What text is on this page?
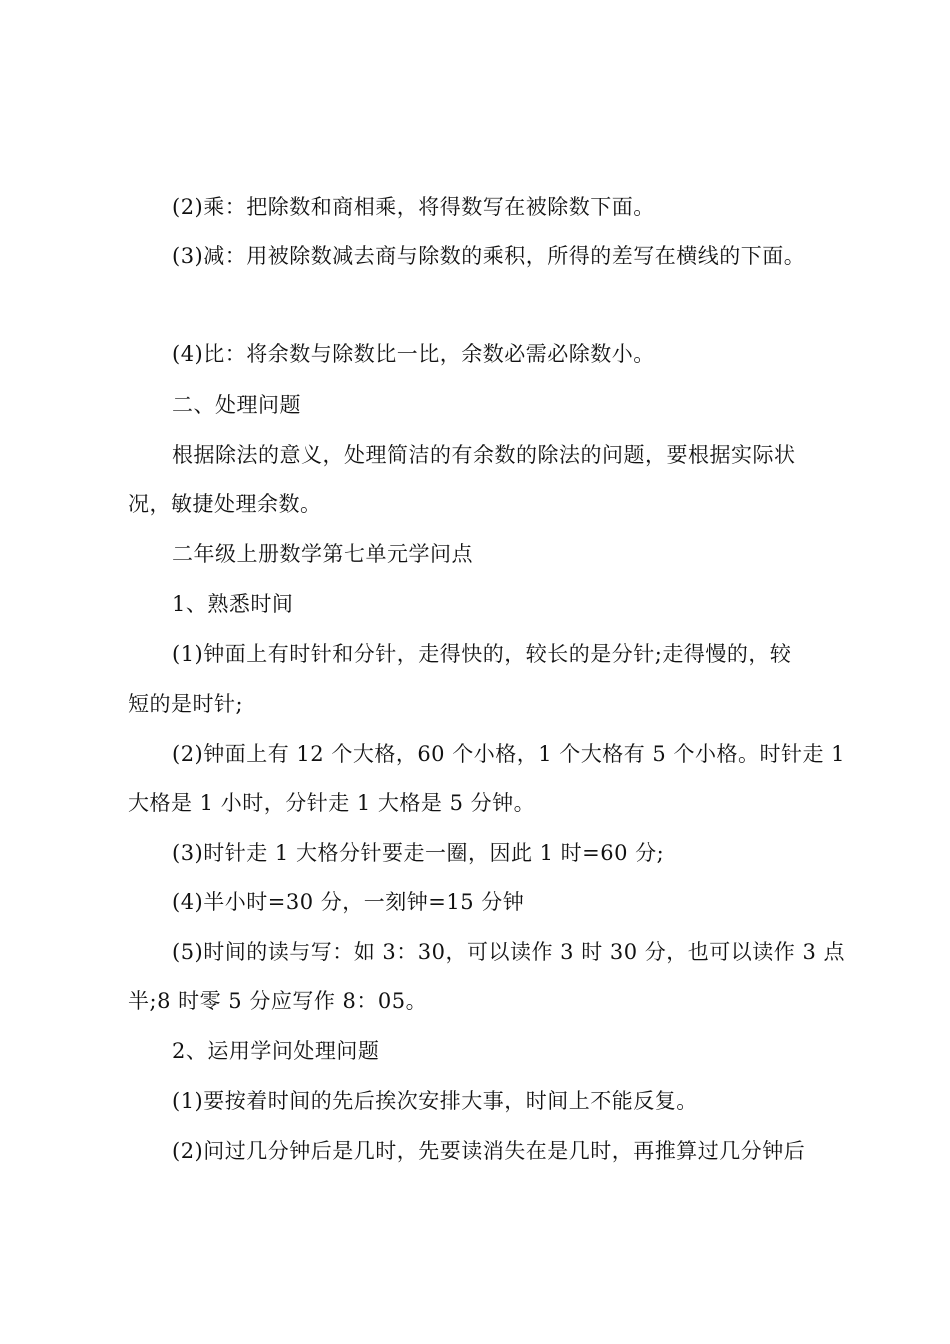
(2)乘：把除数和商相乘，将得数写在被除数下面。
(3)减：用被除数减去商与除数的乘积，所得的差写在横线的下面。
(4)比：将余数与除数比一比，余数必需必除数小。
二、处理问题
根据除法的意义，处理简洁的有余数的除法的问题，要根据实际状
况，敏捷处理余数。
二年级上册数学第七单元学问点
1、熟悉时间
(1)钟面上有时针和分针，走得快的，较长的是分针;走得慢的，较
短的是时针;
(2)钟面上有 12 个大格，60 个小格，1 个大格有 5 个小格。时针走 1
大格是 1 小时，分针走 1 大格是 5 分钟。
(3)时针走 1 大格分针要走一圈，因此 1 时=60 分;
(4)半小时=30 分，一刻钟=15 分钟
(5)时间的读与写：如 3：30，可以读作 3 时 30 分，也可以读作 3 点
半;8 时零 5 分应写作 8：05。
2、运用学问处理问题
(1)要按着时间的先后挨次安排大事，时间上不能反复。
(2)问过几分钟后是几时，先要读消失在是几时，再推算过几分钟后
